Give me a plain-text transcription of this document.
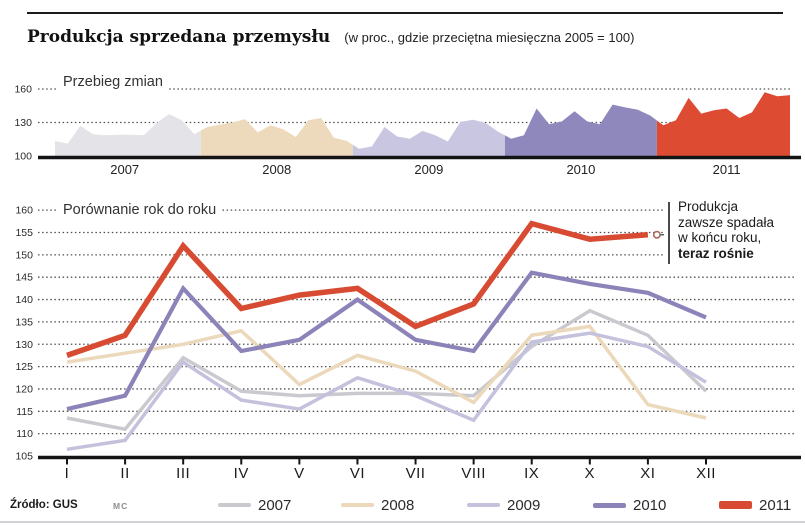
Produkcja sprzedana przemysłu (w proc., gdzie przeciętna miesięczna 2005 = 100)
2007	2008	2009	2010	2011
100
130
160	Przebieg zmian
105
110
115
120
125
130
135
140
145
150
155
160
I	II	III	IV	V	VI	VII VIII	IX	X	XI	XII
Porównanie rok do roku	Produkcja
zawsze spadała
w końcu roku,
teraz rośnie
Źródło: GUS	MC	2007	2008	2009	2010	2011
